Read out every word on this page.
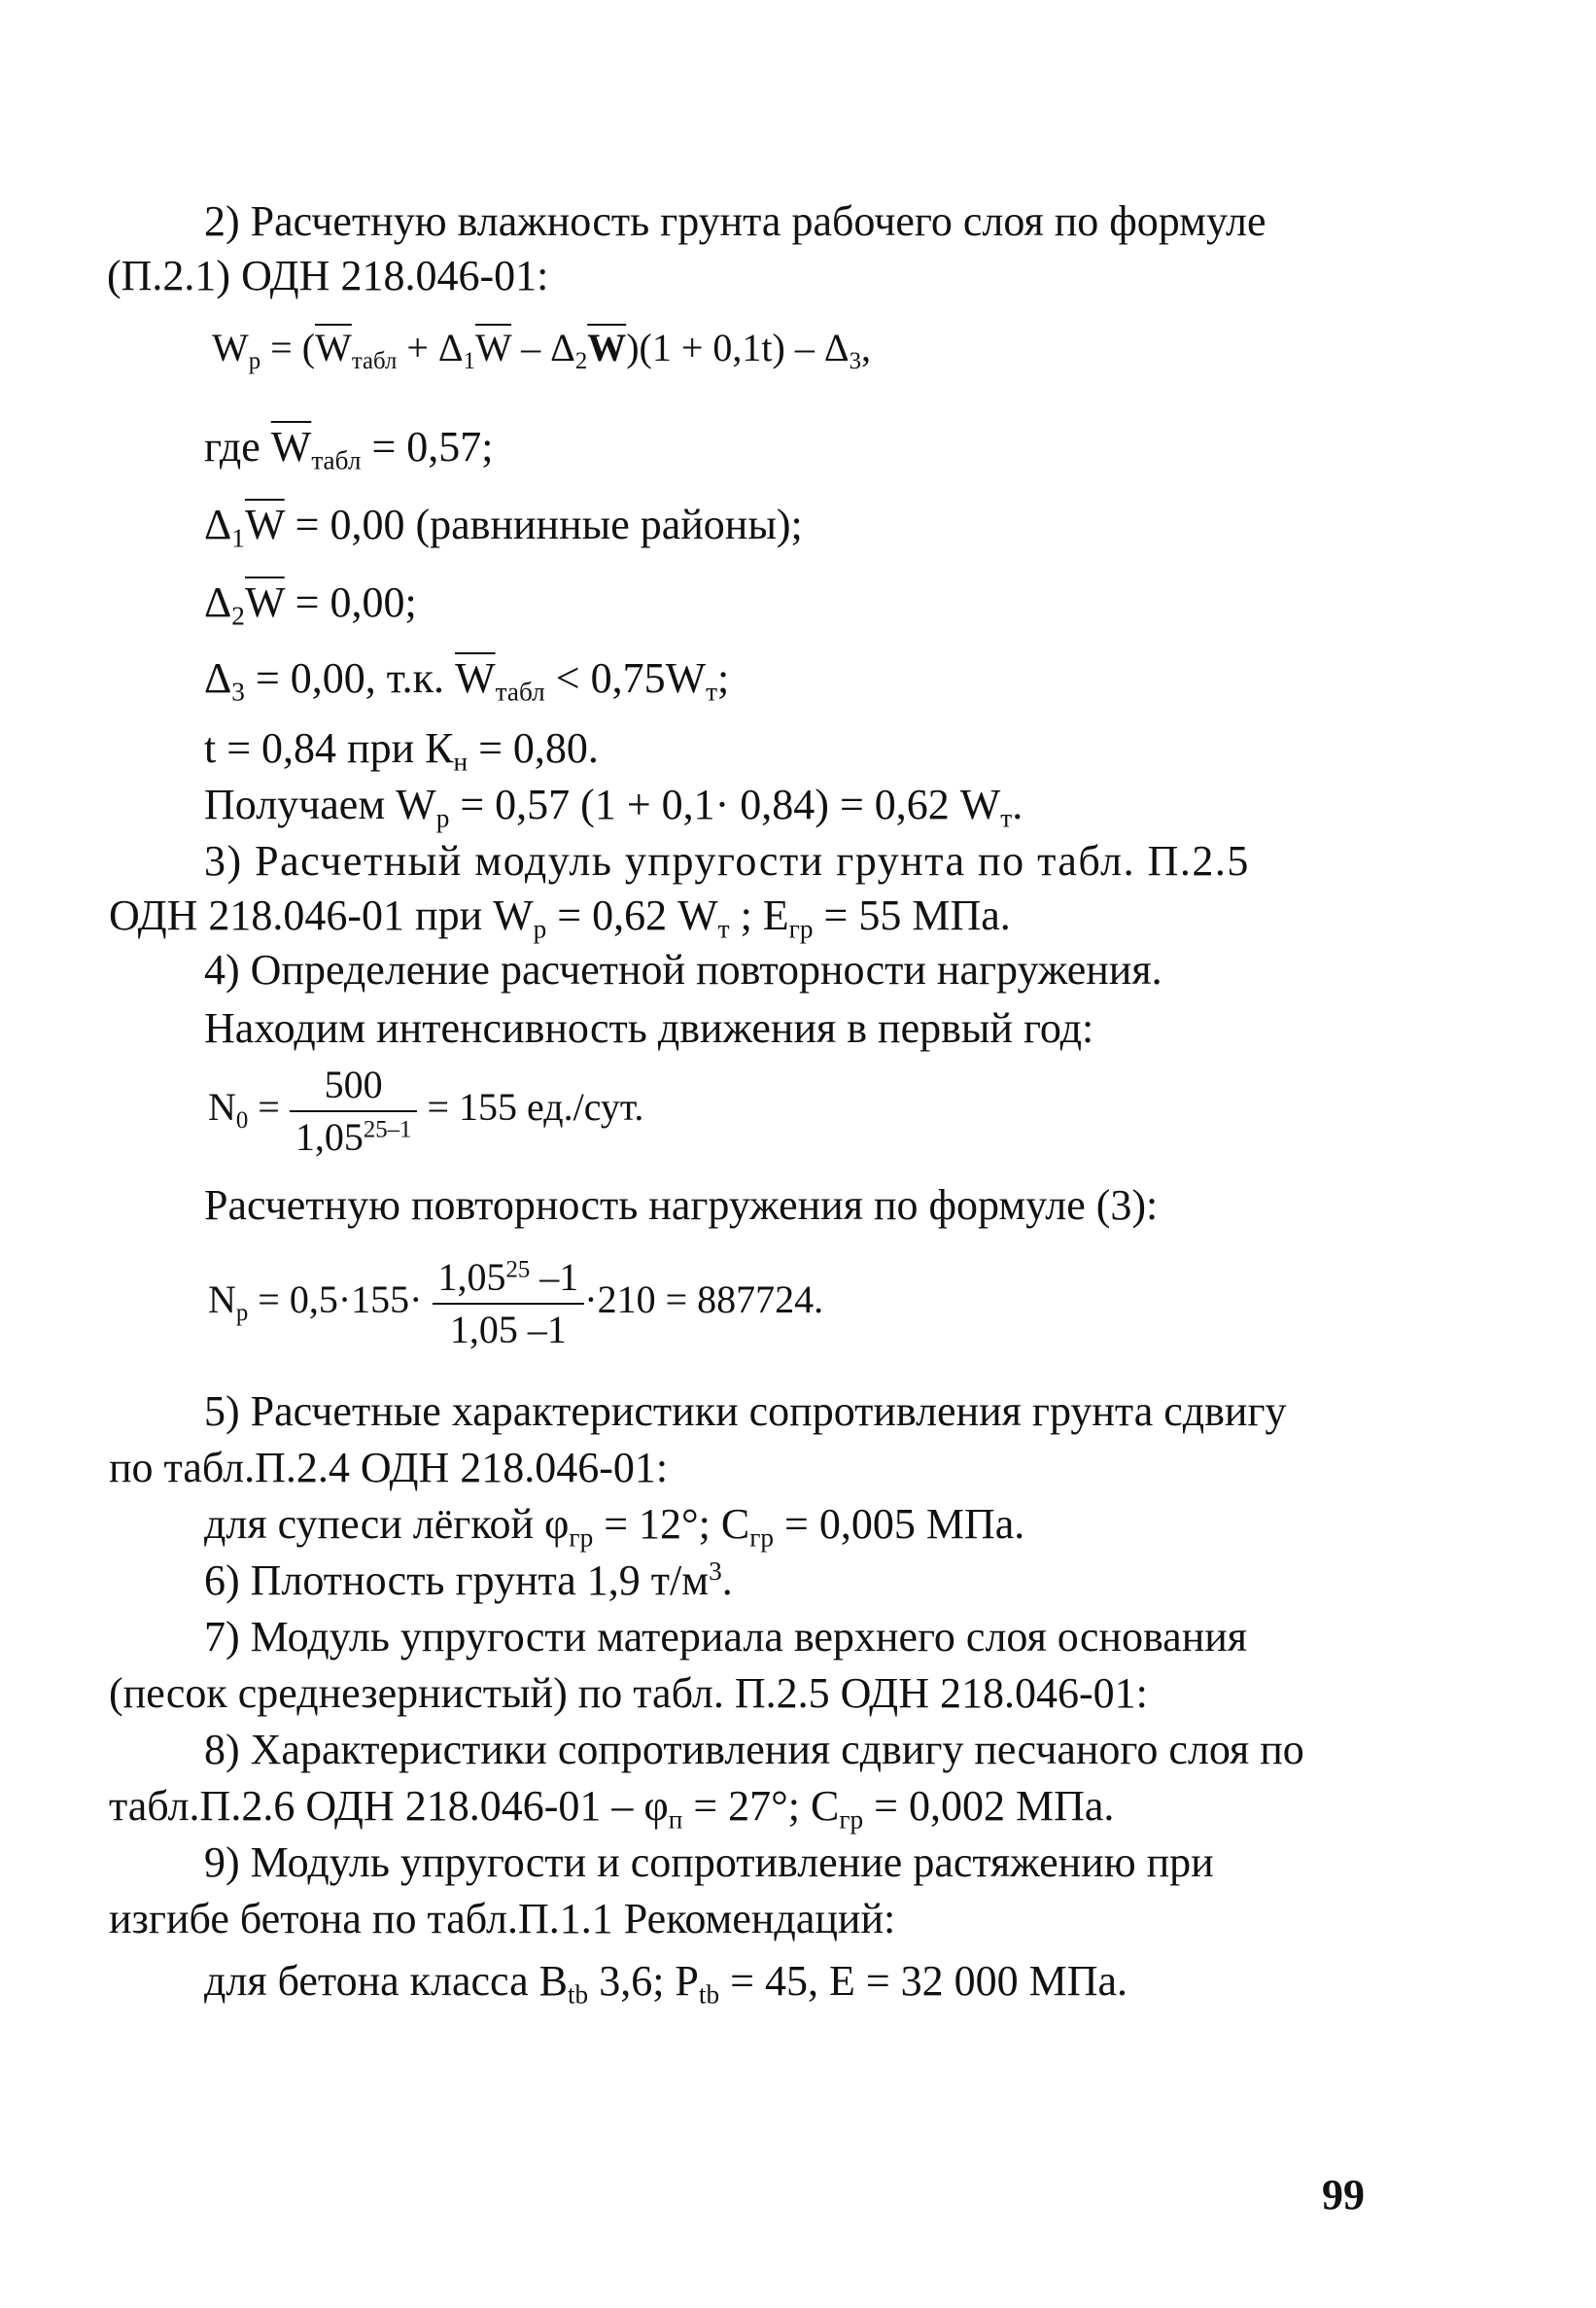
2) Расчетную влажность грунта рабочего слоя по формуле
(П.2.1) ОДН 218.046-01:
$W_р = (\overline{W}_{табл} + \Delta_1\overline{W} - \Delta_2\overline{W})(1 + 0,1t) - \Delta_3$,
где $\overline{W}_{табл} = 0,57$;
$\Delta_1\overline{W} = 0,00$ (равнинные районы);
$\Delta_2\overline{W} = 0,00$;
$\Delta_3 = 0,00$, т.к. $\overline{W}_{табл} < 0,75W_т$;
t = 0,84 при $К_н = 0,80$.
Получаем $W_р = 0,57$ (1 + 0,1· 0,84) = 0,62 $W_т$.
3) Расчетный модуль упругости грунта по табл. П.2.5
ОДН 218.046-01 при $W_р = 0,62$ $W_т$ ; $Е_{гр} = 55$ МПа.
4) Определение расчетной повторности нагружения.
Находим интенсивность движения в первый год:
$N_0 = \frac{500}{1,05^{25-1}} = 155$ ед./сут.
Расчетную повторность нагружения по формуле (3):
$N_р = 0,5\cdot 155\cdot \frac{1,05^{25} -1}{1,05 -1} \cdot 210 = 887724$.
5) Расчетные характеристики сопротивления грунта сдвигу
по табл.П.2.4 ОДН 218.046-01:
для супеси лёгкой $\varphi_{гр} = 12^\circ$; $С_{гр} = 0,005$ МПа.
6) Плотность грунта 1,9 $т/м^3$.
7) Модуль упругости материала верхнего слоя основания
(песок среднезернистый) по табл. П.2.5 ОДН 218.046-01:
8) Характеристики сопротивления сдвигу песчаного слоя по
табл.П.2.6 ОДН $218.046-01 - \varphi_п = 27^\circ$; $С_{гр} = 0,002$ МПа.
9) Модуль упругости и сопротивление растяжению при
изгибе бетона по табл.П.1.1 Рекомендаций:
для бетона класса $В_{tb}$ 3,6; $Р_{tb} = 45$, Е = 32 000 МПа.
99
